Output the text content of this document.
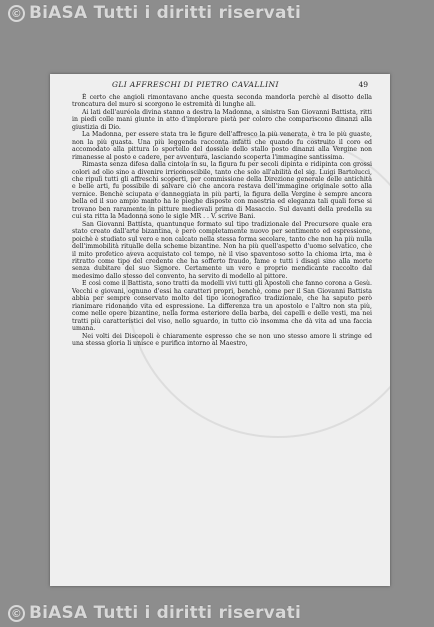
© BiASA Tutti i diritti riservati
GLI AFFRESCHI DI PIETRO CAVALLINI	49

È certo che angioli rimontavano anche questa seconda mandorla perchè al disotto della troncatura del muro si scorgono le estremità di lunghe ali.

Ai lati dell'auréola divina stanno a destra la Madonna, a sinistra San Giovanni Battista, ritti in piedi colle mani giunte in atto d'implorare pietà per coloro che compariscono dinanzi alla giustizia di Dio.

La Madonna, per essere stata tra le figure dell'affresco la più venerata, è tra le più guaste, non la più guasta. Una più leggenda racconta infatti che quando fu costruito il coro ed accomodato alla pittura lo sportello del dossale dello stallo posto dinanzi alla Vergine non rimanesse al posto e cadere, per avventura, lasciando scoperta l'immagine santissima.

Rimasta senza difesa dalla cintola in su, la figura fu per secoli dipinta e ridipinta con grossi colori ad olio sino a divenire irriconoscibile, tanto che solo all'abilità del sig. Luigi Bartolucci, che ripulì tutti gli affreschi scoperti, per commissione della Direzione generale delle antichità e belle arti, fu possibile di salvare ciò che ancora restava dell'immagine originale sotto alla vernice. Benchè sciupata e danneggiata in più parti, la figura della Vergine è sempre ancora bella ed il suo ampio manto ha le pieghe disposte con maestria ed eleganza tali quali forse si trovano ben raramente in pitture medievali prima di Masaccio. Sul davanti della predella su cui sta ritta la Madonna sono le sigle MR . . V. scrive Bani.

San Giovanni Battista, quantunque formato sul tipo tradizionale del Precursore quale era stato creato dall'arte bizantina, è però completamente nuovo per sentimento ed espressione, poichè è studiato sul vero e non calcato nella stessa forma secolare, tanto che non ha più nulla dell'immobilità ritualle della scheme bizantine. Non ha più quell'aspetto d'uomo selvatico, che il mito profetico aveva acquistato col tempo, nè il viso spaventoso sotto la chioma irta, ma è ritratto come tipo del credente che ha sofferto fraudo, fame e tutti i disagi sino alla morte senza dubitare del suo Signore. Certamente un vero e proprio mendicante raccolto dal medesimo dallo stesso del convento, ha servito di modello al pittore.

E così come il Battista, sono tratti da modelli vivi tutti gli Apostoli che fanno corona a Gesù. Vecchi e giovani, ognuno d'essi ha caratteri propri, benchè, come per il San Giovanni Battista abbia per sempre conservato molto del tipo iconografico tradizionale, che ha saputo però rianimare ridonando vita ed espressione. La differenza tra un apostolo e l'altro non sta più, come nelle opere bizantine, nella forma esteriore della barba, dei capelli e delle vesti, ma nei tratti più caratteristici del viso, nello sguardo, in tutto ciò insomma che dà vita ad una faccia umana.

Nei volti dei Discepoli è chiaramente espresso che se non uno stesso amore li stringe ed una stessa gloria li unisce e purifica intorno al Maestro,

© BiASA Tutti i diritti riservati
